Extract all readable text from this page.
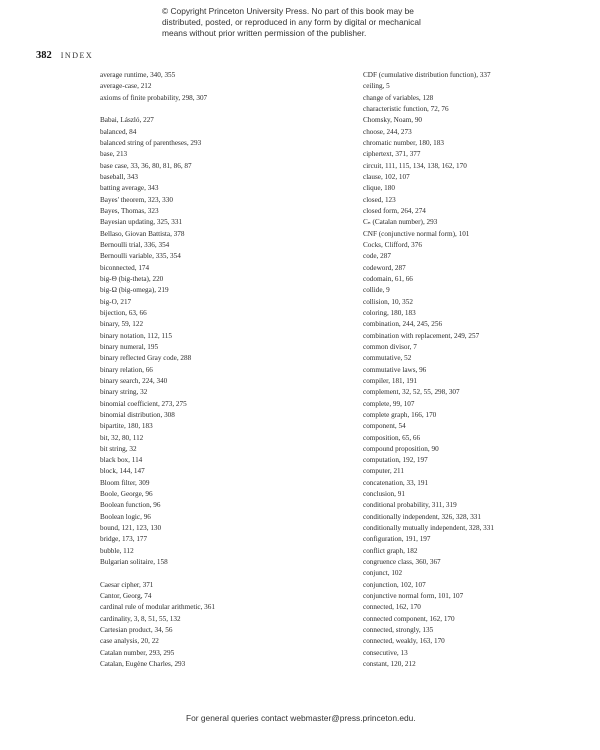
© Copyright Princeton University Press. No part of this book may be
distributed, posted, or reproduced in any form by digital or mechanical
means without prior written permission of the publisher.
382 INDEX
average runtime, 340, 355
average-case, 212
axioms of finite probability, 298, 307
Babai, László, 227
balanced, 84
balanced string of parentheses, 293
base, 213
base case, 33, 36, 80, 81, 86, 87
baseball, 343
batting average, 343
Bayes' theorem, 323, 330
Bayes, Thomas, 323
Bayesian updating, 325, 331
Bellaso, Giovan Battista, 378
Bernoulli trial, 336, 354
Bernoulli variable, 335, 354
biconnected, 174
big-Θ (big-theta), 220
big-Ω (big-omega), 219
big-O, 217
bijection, 63, 66
binary, 59, 122
binary notation, 112, 115
binary numeral, 195
binary reflected Gray code, 288
binary relation, 66
binary search, 224, 340
binary string, 32
binomial coefficient, 273, 275
binomial distribution, 308
bipartite, 180, 183
bit, 32, 80, 112
bit string, 32
black box, 114
block, 144, 147
Bloom filter, 309
Boole, George, 96
Boolean function, 96
Boolean logic, 96
bound, 121, 123, 130
bridge, 173, 177
bubble, 112
Bulgarian solitaire, 158
Caesar cipher, 371
Cantor, Georg, 74
cardinal rule of modular arithmetic, 361
cardinality, 3, 8, 51, 55, 132
Cartesian product, 34, 56
case analysis, 20, 22
Catalan number, 293, 295
Catalan, Eugène Charles, 293
CDF (cumulative distribution function), 337
ceiling, 5
change of variables, 128
characteristic function, 72, 76
Chomsky, Noam, 90
choose, 244, 273
chromatic number, 180, 183
ciphertext, 371, 377
circuit, 111, 115, 134, 138, 162, 170
clause, 102, 107
clique, 180
closed, 123
closed form, 264, 274
Cₙ (Catalan number), 293
CNF (conjunctive normal form), 101
Cocks, Clifford, 376
code, 287
codeword, 287
codomain, 61, 66
collide, 9
collision, 10, 352
coloring, 180, 183
combination, 244, 245, 256
combination with replacement, 249, 257
common divisor, 7
commutative, 52
commutative laws, 96
compiler, 181, 191
complement, 32, 52, 55, 298, 307
complete, 99, 107
complete graph, 166, 170
component, 54
composition, 65, 66
compound proposition, 90
computation, 192, 197
computer, 211
concatenation, 33, 191
conclusion, 91
conditional probability, 311, 319
conditionally independent, 326, 328, 331
conditionally mutually independent, 328, 331
configuration, 191, 197
conflict graph, 182
congruence class, 360, 367
conjunct, 102
conjunction, 102, 107
conjunctive normal form, 101, 107
connected, 162, 170
connected component, 162, 170
connected, strongly, 135
connected, weakly, 163, 170
consecutive, 13
constant, 120, 212
For general queries contact webmaster@press.princeton.edu.
